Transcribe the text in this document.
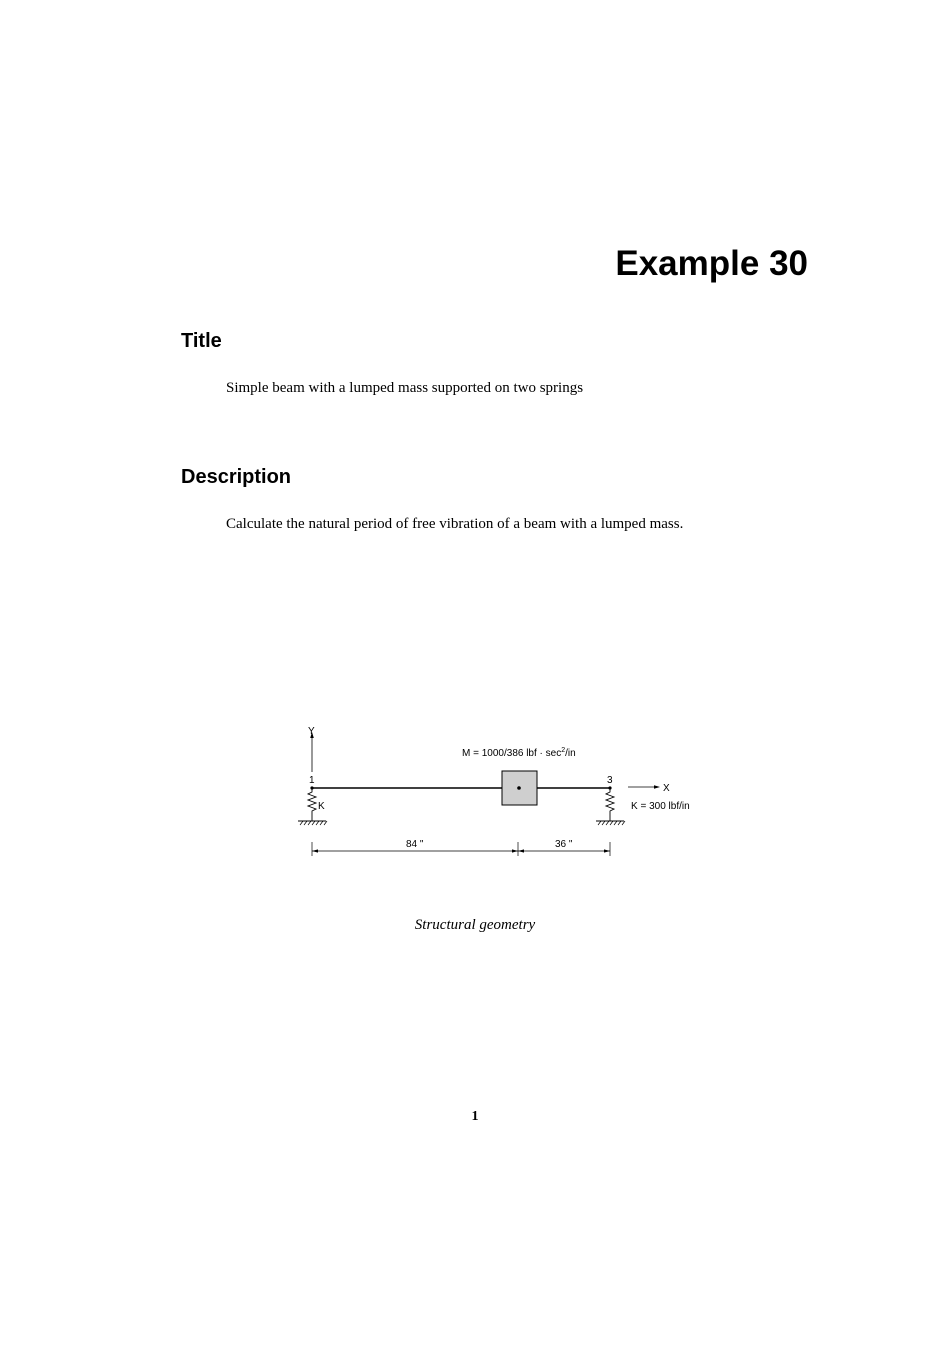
Example 30
Title

Simple beam with a lumped mass supported on two springs

Description

Calculate the natural period of free vibration of a beam with a lumped mass.

Y
M = 1000/386 lbf · $\sec^2/in$
1	3
K
X
K = 300 lbf/in
84 "	36 "

Structural geometry

1
